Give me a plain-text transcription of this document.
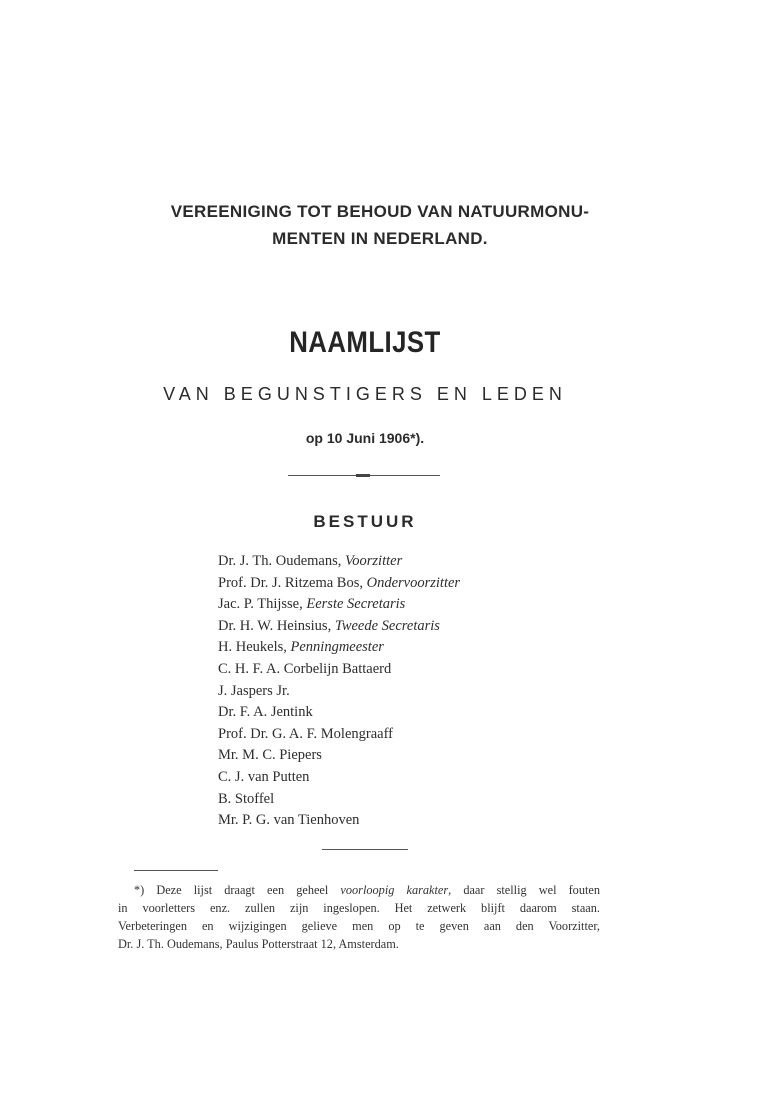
VEREENIGING TOT BEHOUD VAN NATUURMONU-
MENTEN IN NEDERLAND.
NAAMLIJST
VAN BEGUNSTIGERS EN LEDEN
op 10 Juni 1906*).
BESTUUR
Dr. J. Th. Oudemans, Voorzitter
Prof. Dr. J. Ritzema Bos, Ondervoorzitter
Jac. P. Thijsse, Eerste Secretaris
Dr. H. W. Heinsius, Tweede Secretaris
H. Heukels, Penningmeester
C. H. F. A. Corbelijn Battaerd
J. Jaspers Jr.
Dr. F. A. Jentink
Prof. Dr. G. A. F. Molengraaff
Mr. M. C. Piepers
C. J. van Putten
B. Stoffel
Mr. P. G. van Tienhoven
*) Deze lijst draagt een geheel voorloopig karakter, daar stellig wel fouten
in voorletters enz. zullen zijn ingeslopen. Het zetwerk blijft daarom staan.
Verbeteringen en wijzigingen gelieve men op te geven aan den Voorzitter,
Dr. J. Th. Oudemans, Paulus Potterstraat 12, Amsterdam.
